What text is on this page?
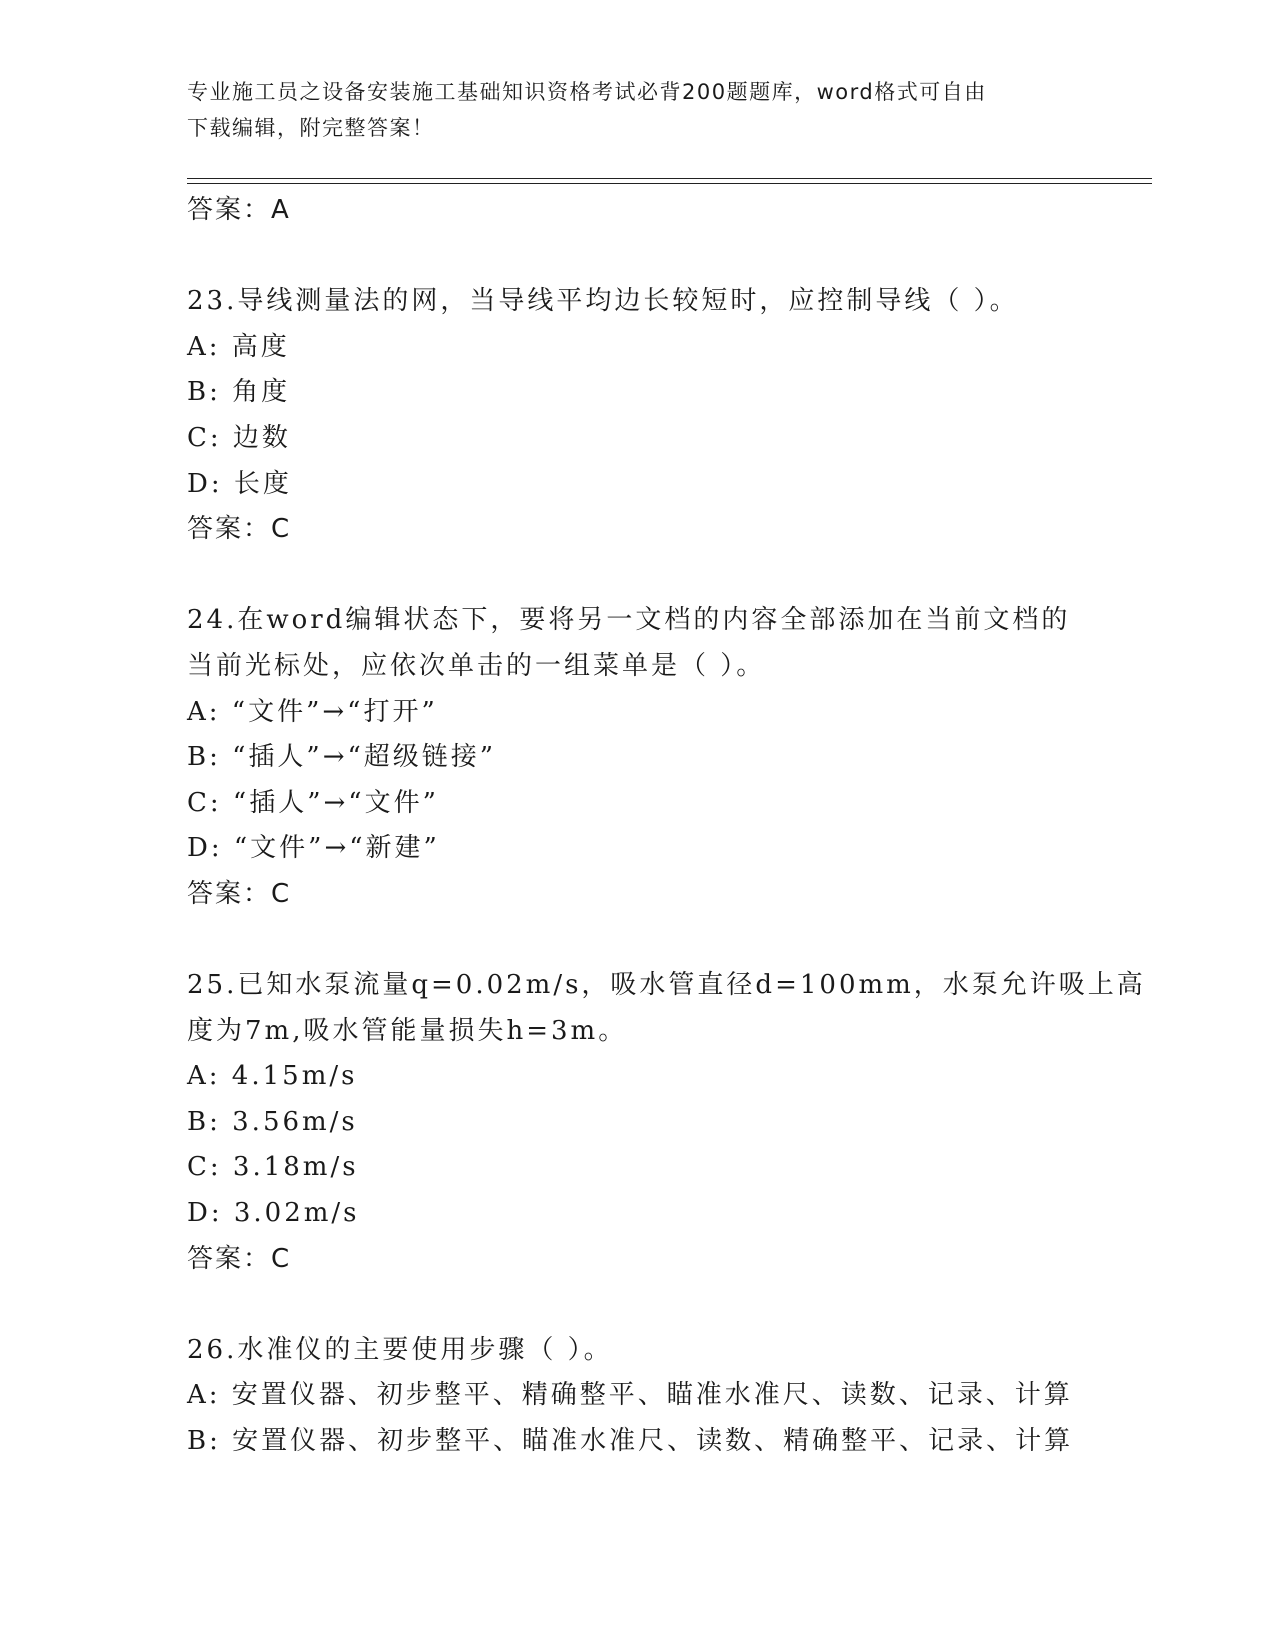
专业施工员之设备安装施工基础知识资格考试必背200题题库，word格式可自由
下载编辑，附完整答案！
答案：A
23.导线测量法的网，当导线平均边长较短时，应控制导线（ ）。
A: 高度
B: 角度
C: 边数
D: 长度
答案：C
24.在word编辑状态下，要将另一文档的内容全部添加在当前文档的
当前光标处，应依次单击的一组菜单是（ ）。
A: “文件”→“打开”
B: “插人”→“超级链接”
C: “插人”→“文件”
D: “文件”→“新建”
答案：C
25.已知水泵流量q=0.02m/s，吸水管直径d=100mm，水泵允许吸上高
度为7m,吸水管能量损失h=3m。
A: 4.15m/s
B: 3.56m/s
C: 3.18m/s
D: 3.02m/s
答案：C
26.水准仪的主要使用步骤（ ）。
A: 安置仪器、初步整平、精确整平、瞄准水准尺、读数、记录、计算
B: 安置仪器、初步整平、瞄准水准尺、读数、精确整平、记录、计算
